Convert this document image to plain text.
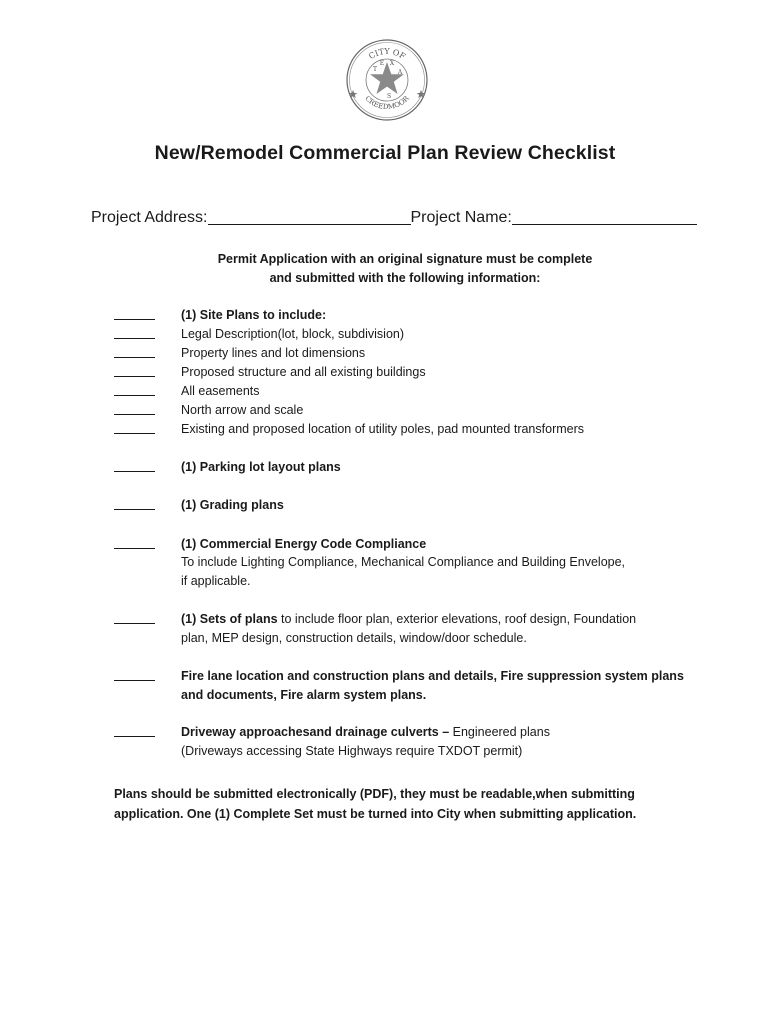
CITY OF
CREEDMOOR
T
E X
A
S
New/Remodel Commercial Plan Review Checklist
Project Address:	Project Name:
Permit Application with an original signature must be complete
and submitted with the following information:
(1) Site Plans to include:
Legal Description(lot, block, subdivision)
Property lines and lot dimensions
Proposed structure and all existing buildings
All easements
North arrow and scale
Existing and proposed location of utility poles, pad mounted transformers
(1) Parking lot layout plans
(1) Grading plans
(1) Commercial Energy Code Compliance
To include Lighting Compliance, Mechanical Compliance and Building Envelope,
if applicable.
(1) Sets of plans to include floor plan, exterior elevations, roof design, Foundation
plan, MEP design, construction details, window/door schedule.
Fire lane location and construction plans and details, Fire suppression system plans
and documents, Fire alarm system plans.
Driveway approachesand drainage culverts – Engineered plans
(Driveways accessing State Highways require TXDOT permit)
Plans should be submitted electronically (PDF), they must be readable,when submitting
application. One (1) Complete Set must be turned into City when submitting application.
